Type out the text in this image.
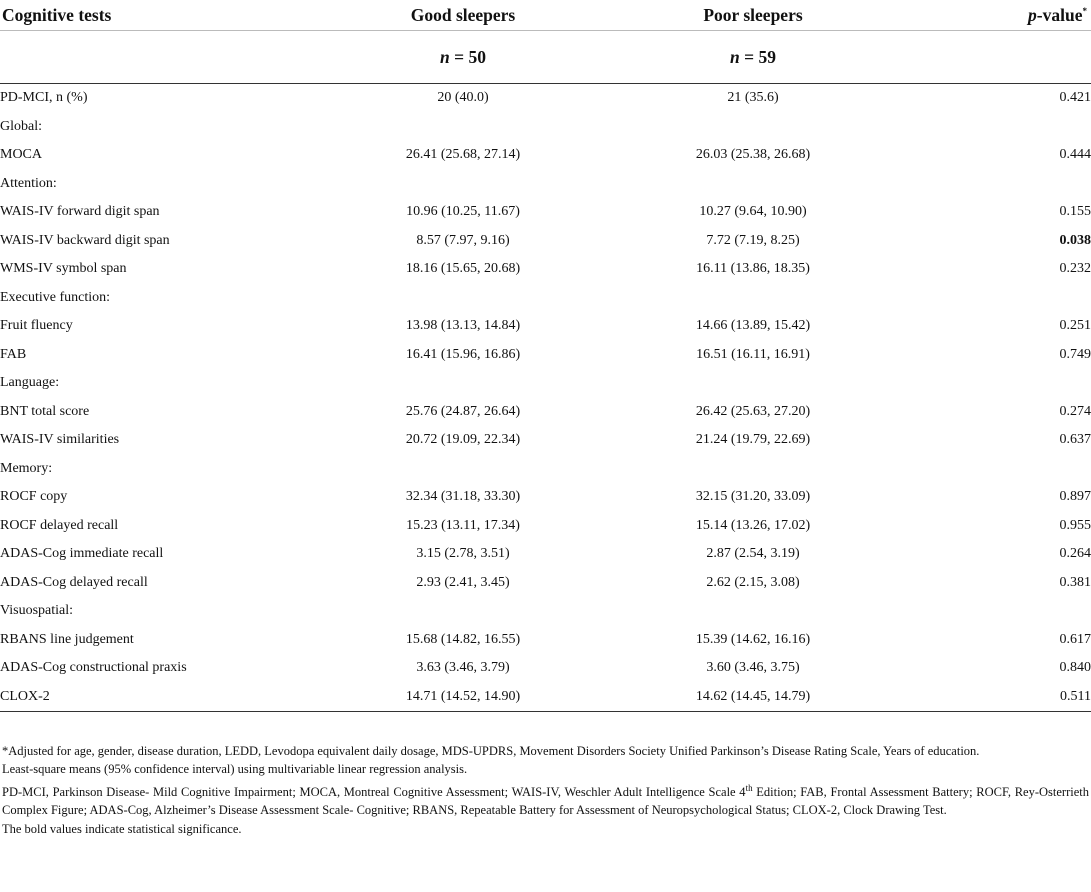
Cognitive tests	Good sleepers	Poor sleepers	p-value*
	n = 50	n = 59	
PD-MCI, n (%)	20 (40.0)	21 (35.6)	0.421
Global:			
MOCA	26.41 (25.68, 27.14)	26.03 (25.38, 26.68)	0.444
Attention:			
WAIS-IV forward digit span	10.96 (10.25, 11.67)	10.27 (9.64, 10.90)	0.155
WAIS-IV backward digit span	8.57 (7.97, 9.16)	7.72 (7.19, 8.25)	0.038
WMS-IV symbol span	18.16 (15.65, 20.68)	16.11 (13.86, 18.35)	0.232
Executive function:			
Fruit fluency	13.98 (13.13, 14.84)	14.66 (13.89, 15.42)	0.251
FAB	16.41 (15.96, 16.86)	16.51 (16.11, 16.91)	0.749
Language:			
BNT total score	25.76 (24.87, 26.64)	26.42 (25.63, 27.20)	0.274
WAIS-IV similarities	20.72 (19.09, 22.34)	21.24 (19.79, 22.69)	0.637
Memory:			
ROCF copy	32.34 (31.18, 33.30)	32.15 (31.20, 33.09)	0.897
ROCF delayed recall	15.23 (13.11, 17.34)	15.14 (13.26, 17.02)	0.955
ADAS-Cog immediate recall	3.15 (2.78, 3.51)	2.87 (2.54, 3.19)	0.264
ADAS-Cog delayed recall	2.93 (2.41, 3.45)	2.62 (2.15, 3.08)	0.381
Visuospatial:			
RBANS line judgement	15.68 (14.82, 16.55)	15.39 (14.62, 16.16)	0.617
ADAS-Cog constructional praxis	3.63 (3.46, 3.79)	3.60 (3.46, 3.75)	0.840
CLOX-2	14.71 (14.52, 14.90)	14.62 (14.45, 14.79)	0.511

*Adjusted for age, gender, disease duration, LEDD, Levodopa equivalent daily dosage, MDS-UPDRS, Movement Disorders Society Unified Parkinson’s Disease Rating Scale, Years of education.

Least-square means (95% confidence interval) using multivariable linear regression analysis.

PD-MCI, Parkinson Disease- Mild Cognitive Impairment; MOCA, Montreal Cognitive Assessment; WAIS-IV, Weschler Adult Intelligence Scale 4th Edition; FAB, Frontal Assessment Battery; ROCF, Rey-Osterrieth Complex Figure; ADAS-Cog, Alzheimer’s Disease Assessment Scale- Cognitive; RBANS, Repeatable Battery for Assessment of Neuropsychological Status; CLOX-2, Clock Drawing Test.

The bold values indicate statistical significance.
